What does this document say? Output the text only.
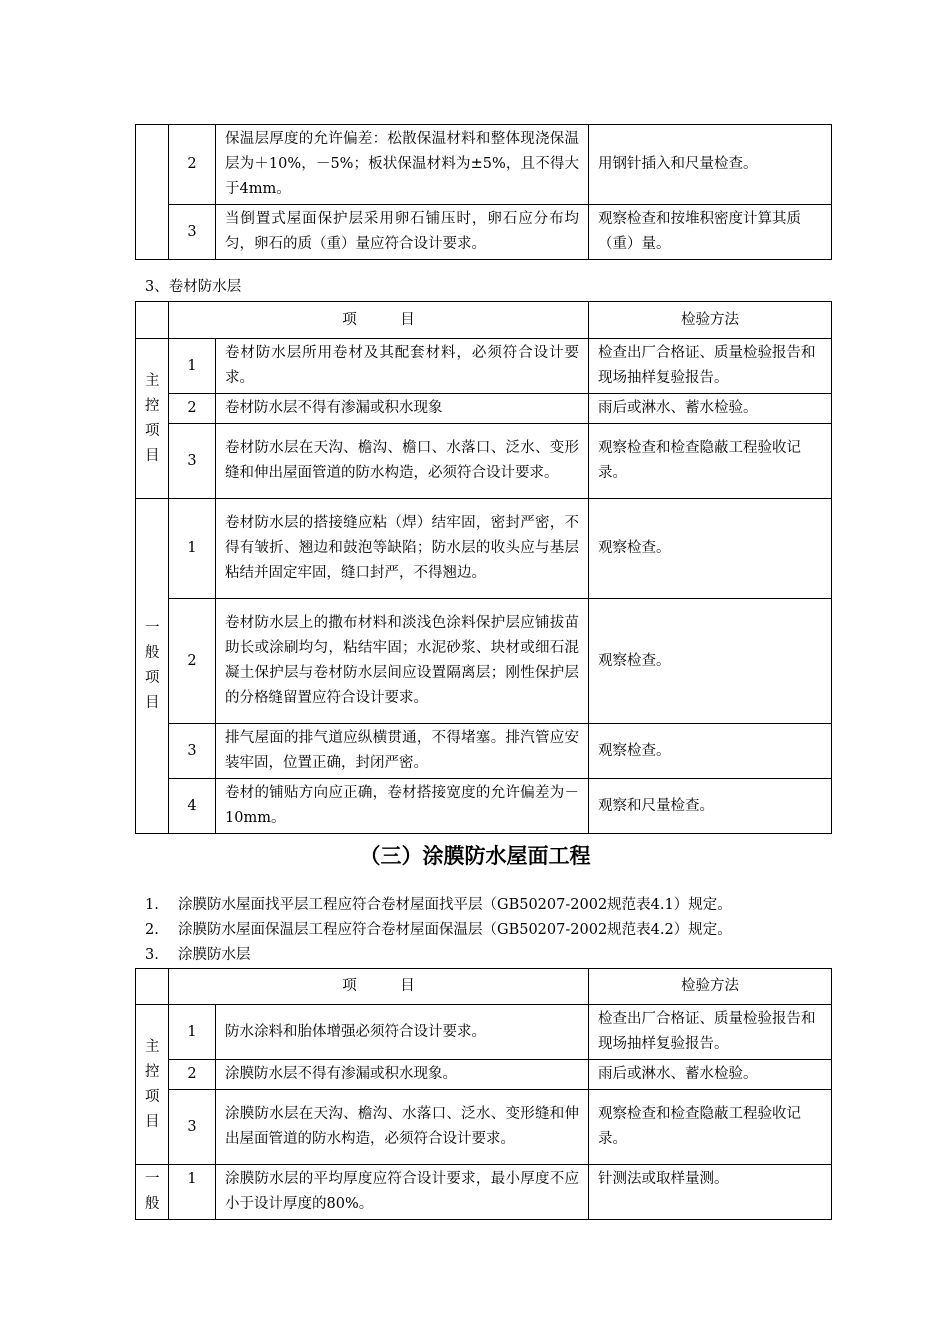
	2	保温层厚度的允许偏差：松散保温材料和整体现浇保温层为＋10%，－5%；板状保温材料为±5%，且不得大于4mm。	用钢针插入和尺量检查。
	3	当倒置式屋面保护层采用卵石铺压时，卵石应分布均匀，卵石的质（重）量应符合设计要求。	观察检查和按堆积密度计算其质（重）量。
3、卷材防水层
	项　　　目		检验方法

主
控
项
目	1	卷材防水层所用卷材及其配套材料，必须符合设计要求。	检查出厂合格证、质量检验报告和现场抽样复验报告。
	2	卷材防水层不得有渗漏或积水现象	雨后或淋水、蓄水检验。
	3	卷材防水层在天沟、檐沟、檐口、水落口、泛水、变形缝和伸出屋面管道的防水构造，必须符合设计要求。	观察检查和检查隐蔽工程验收记录。

一
般
项
目	1	卷材防水层的搭接缝应粘（焊）结牢固，密封严密，不得有皱折、翘边和鼓泡等缺陷；防水层的收头应与基层粘结并固定牢固，缝口封严，不得翘边。	观察检查。
	2	卷材防水层上的撒布材料和淡浅色涂料保护层应铺拔苗助长或涂刷均匀，粘结牢固；水泥砂浆、块材或细石混凝土保护层与卷材防水层间应设置隔离层；刚性保护层的分格缝留置应符合设计要求。	观察检查。
	3	排气屋面的排气道应纵横贯通，不得堵塞。排汽管应安装牢固，位置正确，封闭严密。	观察检查。
	4	卷材的铺贴方向应正确，卷材搭接宽度的允许偏差为－10mm。	观察和尺量检查。
（三）涂膜防水屋面工程
1. 涂膜防水屋面找平层工程应符合卷材屋面找平层（GB50207-2002规范表4.1）规定。
2. 涂膜防水屋面保温层工程应符合卷材屋面保温层（GB50207-2002规范表4.2）规定。
3. 涂膜防水层
	项　　　目		检验方法

主
控
项
目	1	防水涂料和胎体增强必须符合设计要求。	检查出厂合格证、质量检验报告和现场抽样复验报告。
	2	涂膜防水层不得有渗漏或积水现象。	雨后或淋水、蓄水检验。
	3	涂膜防水层在天沟、檐沟、水落口、泛水、变形缝和伸出屋面管道的防水构造，必须符合设计要求。	观察检查和检查隐蔽工程验收记录。

一
般	1	涂膜防水层的平均厚度应符合设计要求，最小厚度不应小于设计厚度的80%。	针测法或取样量测。
